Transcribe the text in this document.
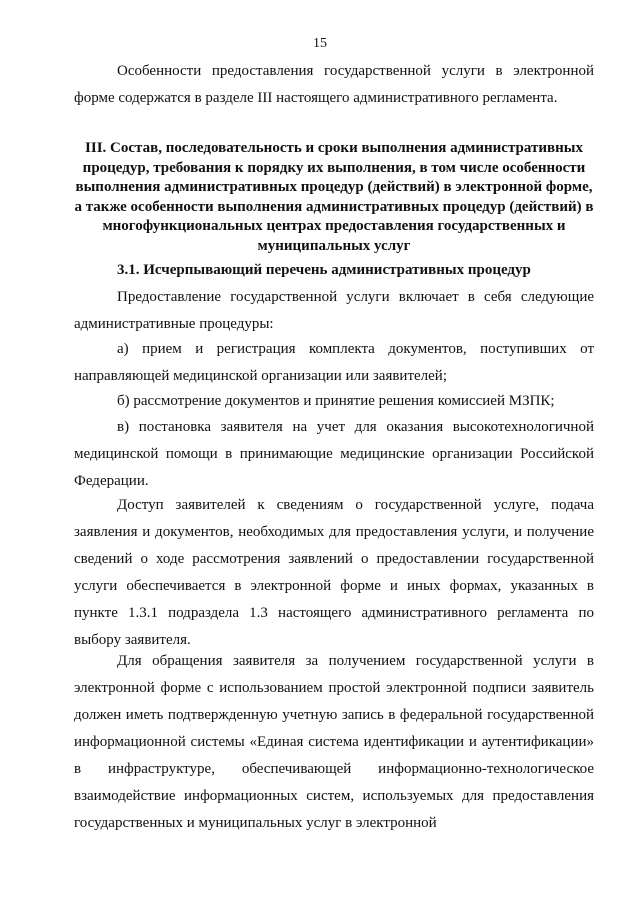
15

Особенности предоставления государственной услуги в электронной форме содержатся в разделе III настоящего административного регламента.

III. Состав, последовательность и сроки выполнения административных процедур, требования к порядку их выполнения, в том числе особенности выполнения административных процедур (действий) в электронной форме, а также особенности выполнения административных процедур (действий) в многофункциональных центрах предоставления государственных и муниципальных услуг

3.1. Исчерпывающий перечень административных процедур

Предоставление государственной услуги включает в себя следующие административные процедуры:

а) прием и регистрация комплекта документов, поступивших от направляющей медицинской организации или заявителей;

б) рассмотрение документов и принятие решения комиссией МЗПК;

в) постановка заявителя на учет для оказания высокотехнологичной медицинской помощи в принимающие медицинские организации Российской Федерации.

Доступ заявителей к сведениям о государственной услуге, подача заявления и документов, необходимых для предоставления услуги, и получение сведений о ходе рассмотрения заявлений о предоставлении государственной услуги обеспечивается в электронной форме и иных формах, указанных в пункте 1.3.1 подраздела 1.3 настоящего административного регламента по выбору заявителя.

Для обращения заявителя за получением государственной услуги в электронной форме с использованием простой электронной подписи заявитель должен иметь подтвержденную учетную запись в федеральной государственной информационной системы «Единая система идентификации и аутентификации» в инфраструктуре, обеспечивающей информационно-технологическое взаимодействие информационных систем, используемых для предоставления государственных и муниципальных услуг в электронной
